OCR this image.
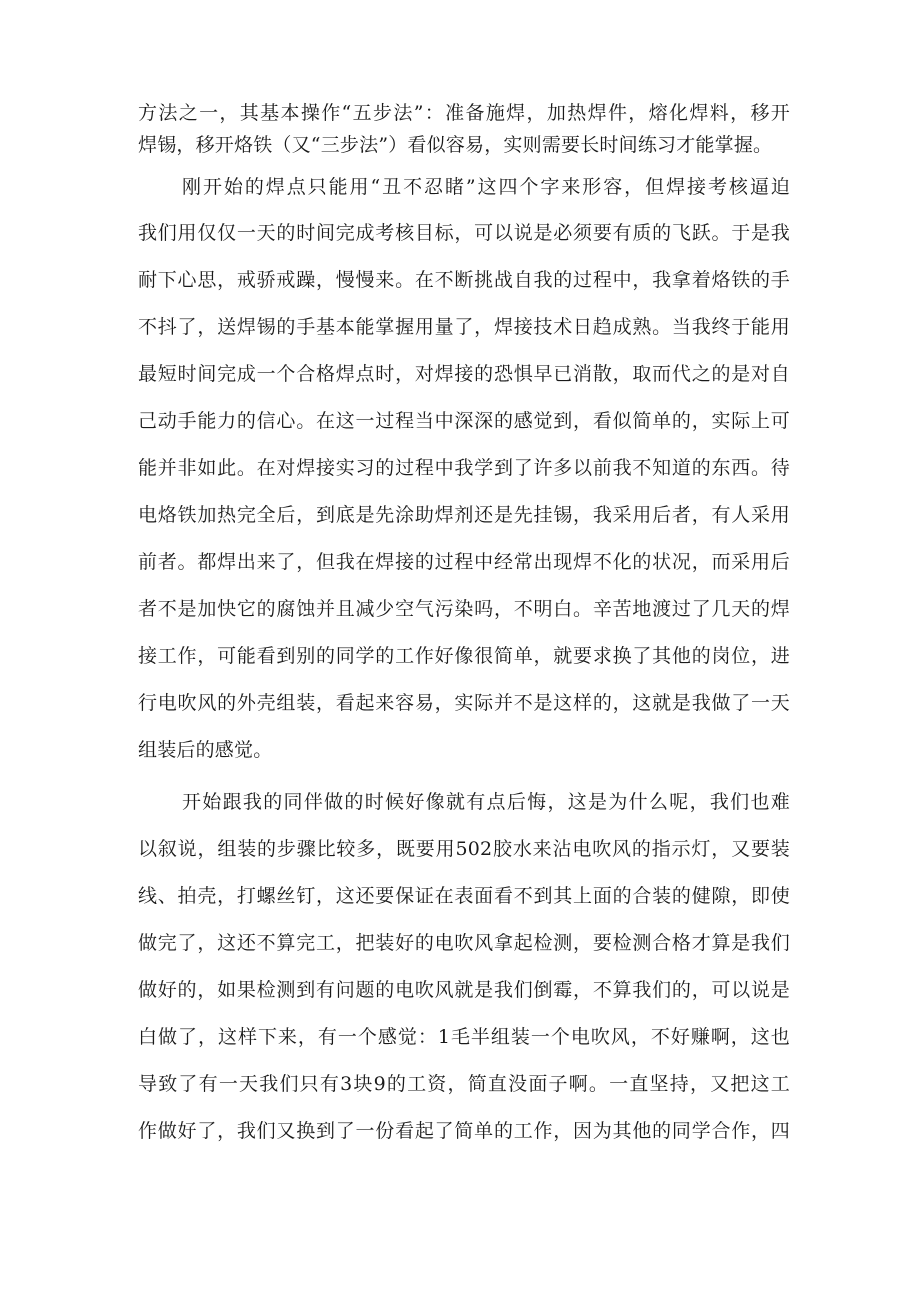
方法之一，其基本操作“五步法”：准备施焊，加热焊件，熔化焊料，移开
焊锡，移开烙铁（又“三步法”）看似容易，实则需要长时间练习才能掌握。
刚开始的焊点只能用“丑不忍睹”这四个字来形容，但焊接考核逼迫
我们用仅仅一天的时间完成考核目标，可以说是必须要有质的飞跃。于是我
耐下心思，戒骄戒躁，慢慢来。在不断挑战自我的过程中，我拿着烙铁的手
不抖了，送焊锡的手基本能掌握用量了，焊接技术日趋成熟。当我终于能用
最短时间完成一个合格焊点时，对焊接的恐惧早已消散，取而代之的是对自
己动手能力的信心。在这一过程当中深深的感觉到，看似简单的，实际上可
能并非如此。在对焊接实习的过程中我学到了许多以前我不知道的东西。待
电烙铁加热完全后，到底是先涂助焊剂还是先挂锡，我采用后者，有人采用
前者。都焊出来了，但我在焊接的过程中经常出现焊不化的状况，而采用后
者不是加快它的腐蚀并且减少空气污染吗，不明白。辛苦地渡过了几天的焊
接工作，可能看到别的同学的工作好像很简单，就要求换了其他的岗位，进
行电吹风的外壳组装，看起来容易，实际并不是这样的，这就是我做了一天
组装后的感觉。
开始跟我的同伴做的时候好像就有点后悔，这是为什么呢，我们也难
以叙说，组装的步骤比较多，既要用502胶水来沾电吹风的指示灯，又要装
线、拍壳，打螺丝钉，这还要保证在表面看不到其上面的合装的健隙，即使
做完了，这还不算完工，把装好的电吹风拿起检测，要检测合格才算是我们
做好的，如果检测到有问题的电吹风就是我们倒霉，不算我们的，可以说是
白做了，这样下来，有一个感觉：1毛半组装一个电吹风，不好赚啊，这也
导致了有一天我们只有3块9的工资，简直没面子啊。一直坚持，又把这工
作做好了，我们又换到了一份看起了简单的工作，因为其他的同学合作，四
